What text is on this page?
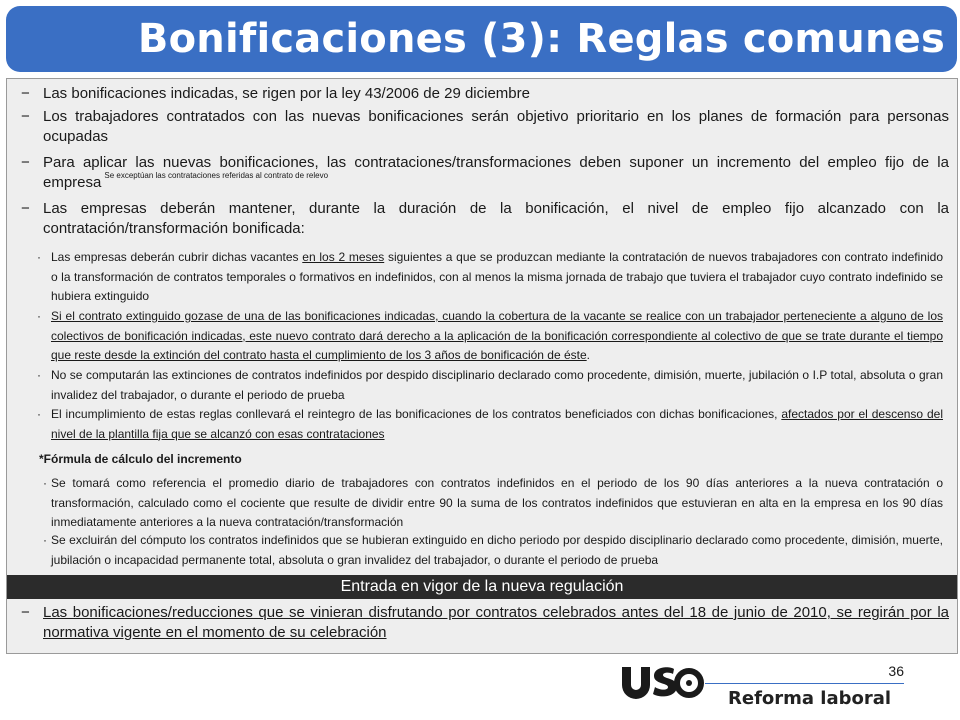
Bonificaciones (3): Reglas comunes
− Las bonificaciones indicadas, se rigen por la ley 43/2006 de 29 diciembre
− Los trabajadores contratados con las nuevas bonificaciones serán objetivo prioritario en los planes de formación para personas ocupadas
− Para aplicar las nuevas bonificaciones, las contrataciones/transformaciones deben suponer un incremento del empleo fijo de la empresa $^{Se exceptúan las contrataciones referidas al contrato de relevo}$
− Las empresas deberán mantener, durante la duración de la bonificación, el nivel de empleo fijo alcanzado con la contratación/transformación bonificada:
· Las empresas deberán cubrir dichas vacantes en los 2 meses siguientes a que se produzcan mediante la contratación de nuevos trabajadores con contrato indefinido o la transformación de contratos temporales o formativos en indefinidos, con al menos la misma jornada de trabajo que tuviera el trabajador cuyo contrato indefinido se hubiera extinguido
· Si el contrato extinguido gozase de una de las bonificaciones indicadas, cuando la cobertura de la vacante se realice con un trabajador perteneciente a alguno de los colectivos de bonificación indicadas, este nuevo contrato dará derecho a la aplicación de la bonificación correspondiente al colectivo de que se trate durante el tiempo que reste desde la extinción del contrato hasta el cumplimiento de los 3 años de bonificación de éste.
· No se computarán las extinciones de contratos indefinidos por despido disciplinario declarado como procedente, dimisión, muerte, jubilación o I.P total, absoluta o gran invalidez del trabajador, o durante el periodo de prueba
· El incumplimiento de estas reglas conllevará el reintegro de las bonificaciones de los contratos beneficiados con dichas bonificaciones, afectados por el descenso del nivel de la plantilla fija que se alcanzó con esas contrataciones
*Fórmula de cálculo del incremento
· Se tomará como referencia el promedio diario de trabajadores con contratos indefinidos en el periodo de los 90 días anteriores a la nueva contratación o transformación, calculado como el cociente que resulte de dividir entre 90 la suma de los contratos indefinidos que estuvieran en alta en la empresa en los 90 días inmediatamente anteriores a la nueva contratación/transformación
· Se excluirán del cómputo los contratos indefinidos que se hubieran extinguido en dicho periodo por despido disciplinario declarado como procedente, dimisión, muerte, jubilación o incapacidad permanente total, absoluta o gran invalidez del trabajador, o durante el periodo de prueba
Entrada en vigor de la nueva regulación
− Las bonificaciones/reducciones que se vinieran disfrutando por contratos celebrados antes del 18 de junio de 2010, se regirán por la normativa vigente en el momento de su celebración
36
Reforma laboral
